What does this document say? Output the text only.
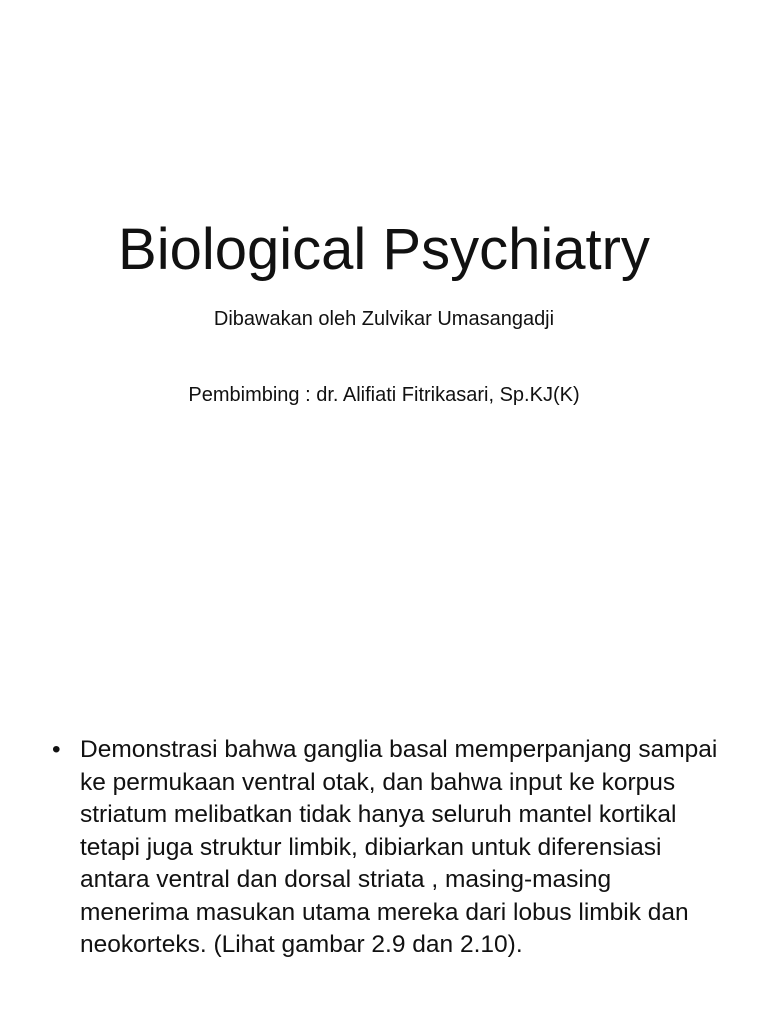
Biological Psychiatry

Dibawakan oleh Zulvikar Umasangadji

Pembimbing : dr. Alifiati Fitrikasari, Sp.KJ(K)

• Demonstrasi bahwa ganglia basal memperpanjang sampai ke permukaan ventral otak, dan bahwa input ke korpus striatum melibatkan tidak hanya seluruh mantel kortikal tetapi juga struktur limbik, dibiarkan untuk diferensiasi antara ventral dan dorsal striata , masing-masing menerima masukan utama mereka dari lobus limbik dan neokorteks. (Lihat gambar 2.9 dan 2.10).
